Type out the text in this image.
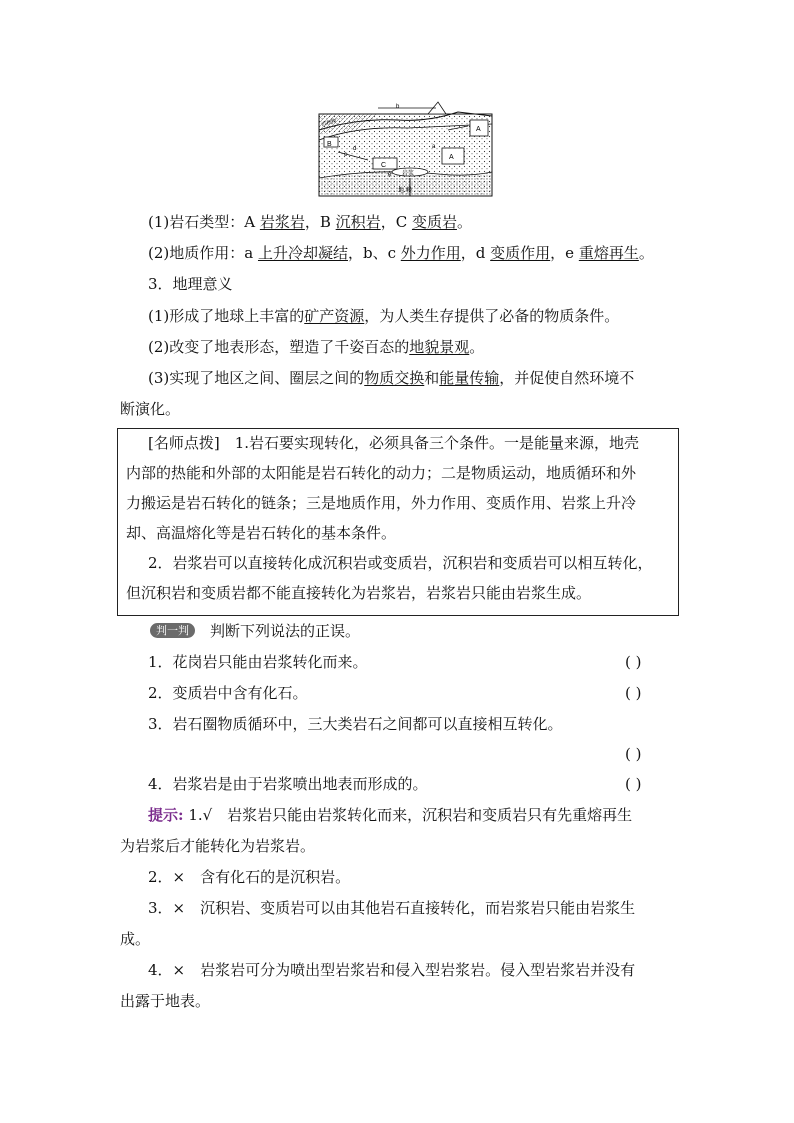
B
C
A
A
b
a
c
d
e 岩浆
地 幔
沉积物
(1)岩石类型：A 岩浆岩，B 沉积岩，C 变质岩。
(2)地质作用：a 上升冷却凝结，b、c 外力作用，d 变质作用，e 重熔再生。
3．地理意义
(1)形成了地球上丰富的矿产资源，为人类生存提供了必备的物质条件。
(2)改变了地表形态，塑造了千姿百态的地貌景观。
(3)实现了地区之间、圈层之间的物质交换和能量传输，并促使自然环境不
断演化。
[名师点拨]　 1.岩石要实现转化，必须具备三个条件。一是能量来源，地壳
内部的热能和外部的太阳能是岩石转化的动力；二是物质运动，地质循环和外
力搬运是岩石转化的链条；三是地质作用，外力作用、变质作用、岩浆上升冷
却、高温熔化等是岩石转化的基本条件。
2．岩浆岩可以直接转化成沉积岩或变质岩，沉积岩和变质岩可以相互转化，
但沉积岩和变质岩都不能直接转化为岩浆岩，岩浆岩只能由岩浆生成。
判一判　 判断下列说法的正误。
1．花岗岩只能由岩浆转化而来。	( )
2．变质岩中含有化石。	( )
3．岩石圈物质循环中，三大类岩石之间都可以直接相互转化。
( )
4．岩浆岩是由于岩浆喷出地表而形成的。	( )
提示: 1.√　岩浆岩只能由岩浆转化而来，沉积岩和变质岩只有先重熔再生
为岩浆后才能转化为岩浆岩。
2．×　含有化石的是沉积岩。
3．×　沉积岩、变质岩可以由其他岩石直接转化，而岩浆岩只能由岩浆生
成。
4．×　岩浆岩可分为喷出型岩浆岩和侵入型岩浆岩。侵入型岩浆岩并没有
出露于地表。
